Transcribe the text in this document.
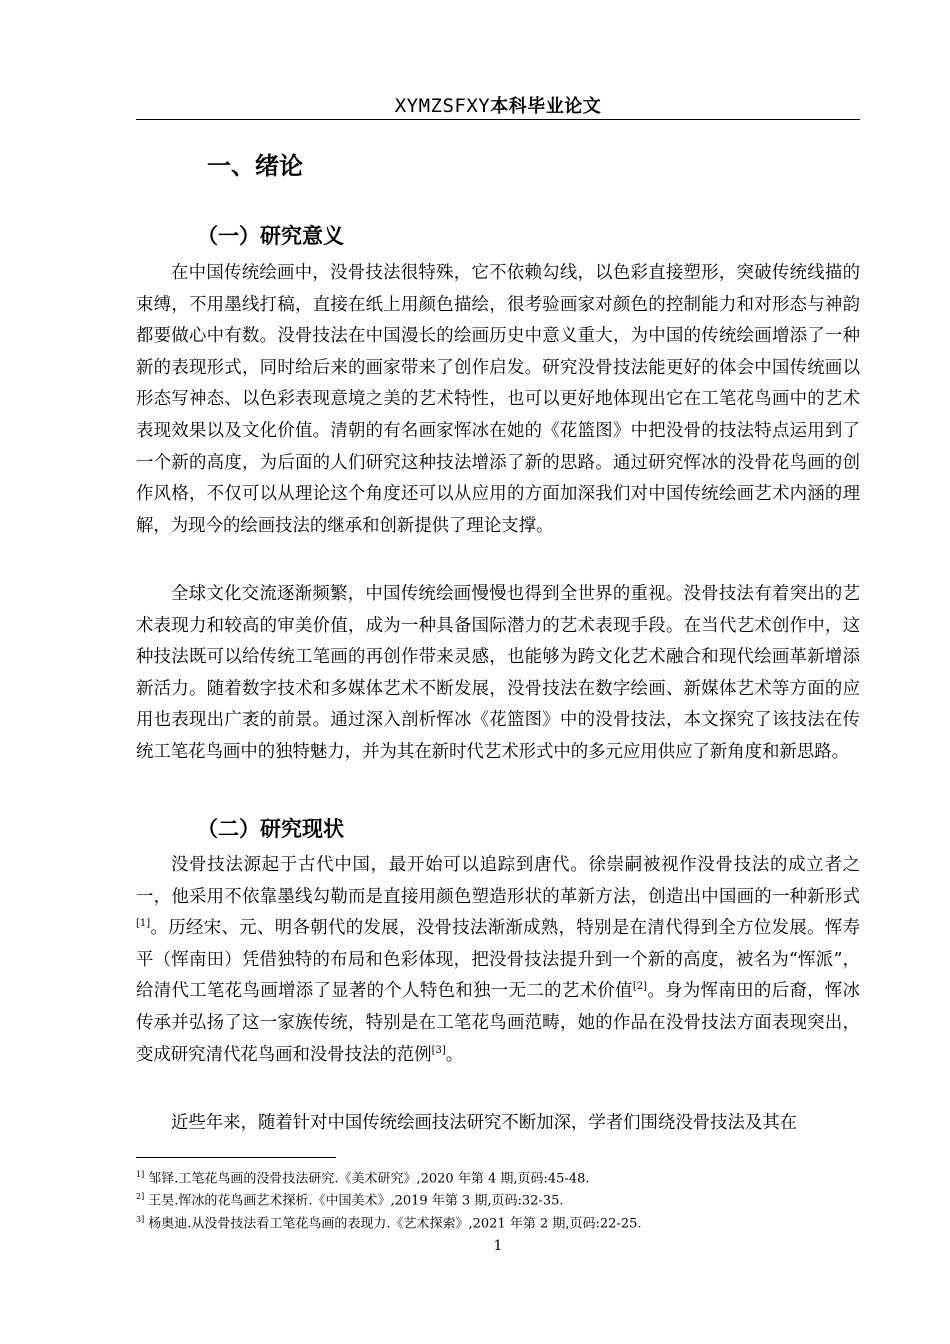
XYMZSFXY本科毕业论文
一、绪论
（一）研究意义

在中国传统绘画中，没骨技法很特殊，它不依赖勾线，以色彩直接塑形，突破传统线描的束缚，不用墨线打稿，直接在纸上用颜色描绘，很考验画家对颜色的控制能力和对形态与神韵都要做心中有数。没骨技法在中国漫长的绘画历史中意义重大，为中国的传统绘画增添了一种新的表现形式，同时给后来的画家带来了创作启发。研究没骨技法能更好的体会中国传统画以形态写神态、以色彩表现意境之美的艺术特性，也可以更好地体现出它在工笔花鸟画中的艺术表现效果以及文化价值。清朝的有名画家恽冰在她的《花篮图》中把没骨的技法特点运用到了一个新的高度，为后面的人们研究这种技法增添了新的思路。通过研究恽冰的没骨花鸟画的创作风格，不仅可以从理论这个角度还可以从应用的方面加深我们对中国传统绘画艺术内涵的理解，为现今的绘画技法的继承和创新提供了理论支撑。

全球文化交流逐渐频繁，中国传统绘画慢慢也得到全世界的重视。没骨技法有着突出的艺术表现力和较高的审美价值，成为一种具备国际潜力的艺术表现手段。在当代艺术创作中，这种技法既可以给传统工笔画的再创作带来灵感，也能够为跨文化艺术融合和现代绘画革新增添新活力。随着数字技术和多媒体艺术不断发展，没骨技法在数字绘画、新媒体艺术等方面的应用也表现出广袤的前景。通过深入剖析恽冰《花篮图》中的没骨技法，本文探究了该技法在传统工笔花鸟画中的独特魅力，并为其在新时代艺术形式中的多元应用供应了新角度和新思路。

（二）研究现状

没骨技法源起于古代中国，最开始可以追踪到唐代。徐崇嗣被视作没骨技法的成立者之一，他采用不依靠墨线勾勒而是直接用颜色塑造形状的革新方法，创造出中国画的一种新形式[1]。历经宋、元、明各朝代的发展，没骨技法渐渐成熟，特别是在清代得到全方位发展。恽寿平（恽南田）凭借独特的布局和色彩体现，把没骨技法提升到一个新的高度，被名为“恽派”，给清代工笔花鸟画增添了显著的个人特色和独一无二的艺术价值[2]。身为恽南田的后裔，恽冰传承并弘扬了这一家族传统，特别是在工笔花鸟画范畴，她的作品在没骨技法方面表现突出，变成研究清代花鸟画和没骨技法的范例[3]。

近些年来，随着针对中国传统绘画技法研究不断加深，学者们围绕没骨技法及其在

$^{1]}$ 邹铎.工笔花鸟画的没骨技法研究.《美术研究》,2020 年第 4 期,页码:45-48.
$^{2]}$ 王昊.恽冰的花鸟画艺术探析.《中国美术》,2019 年第 3 期,页码:32-35.
$^{3]}$ 杨奥迪.从没骨技法看工笔花鸟画的表现力.《艺术探索》,2021 年第 2 期,页码:22-25.
1
